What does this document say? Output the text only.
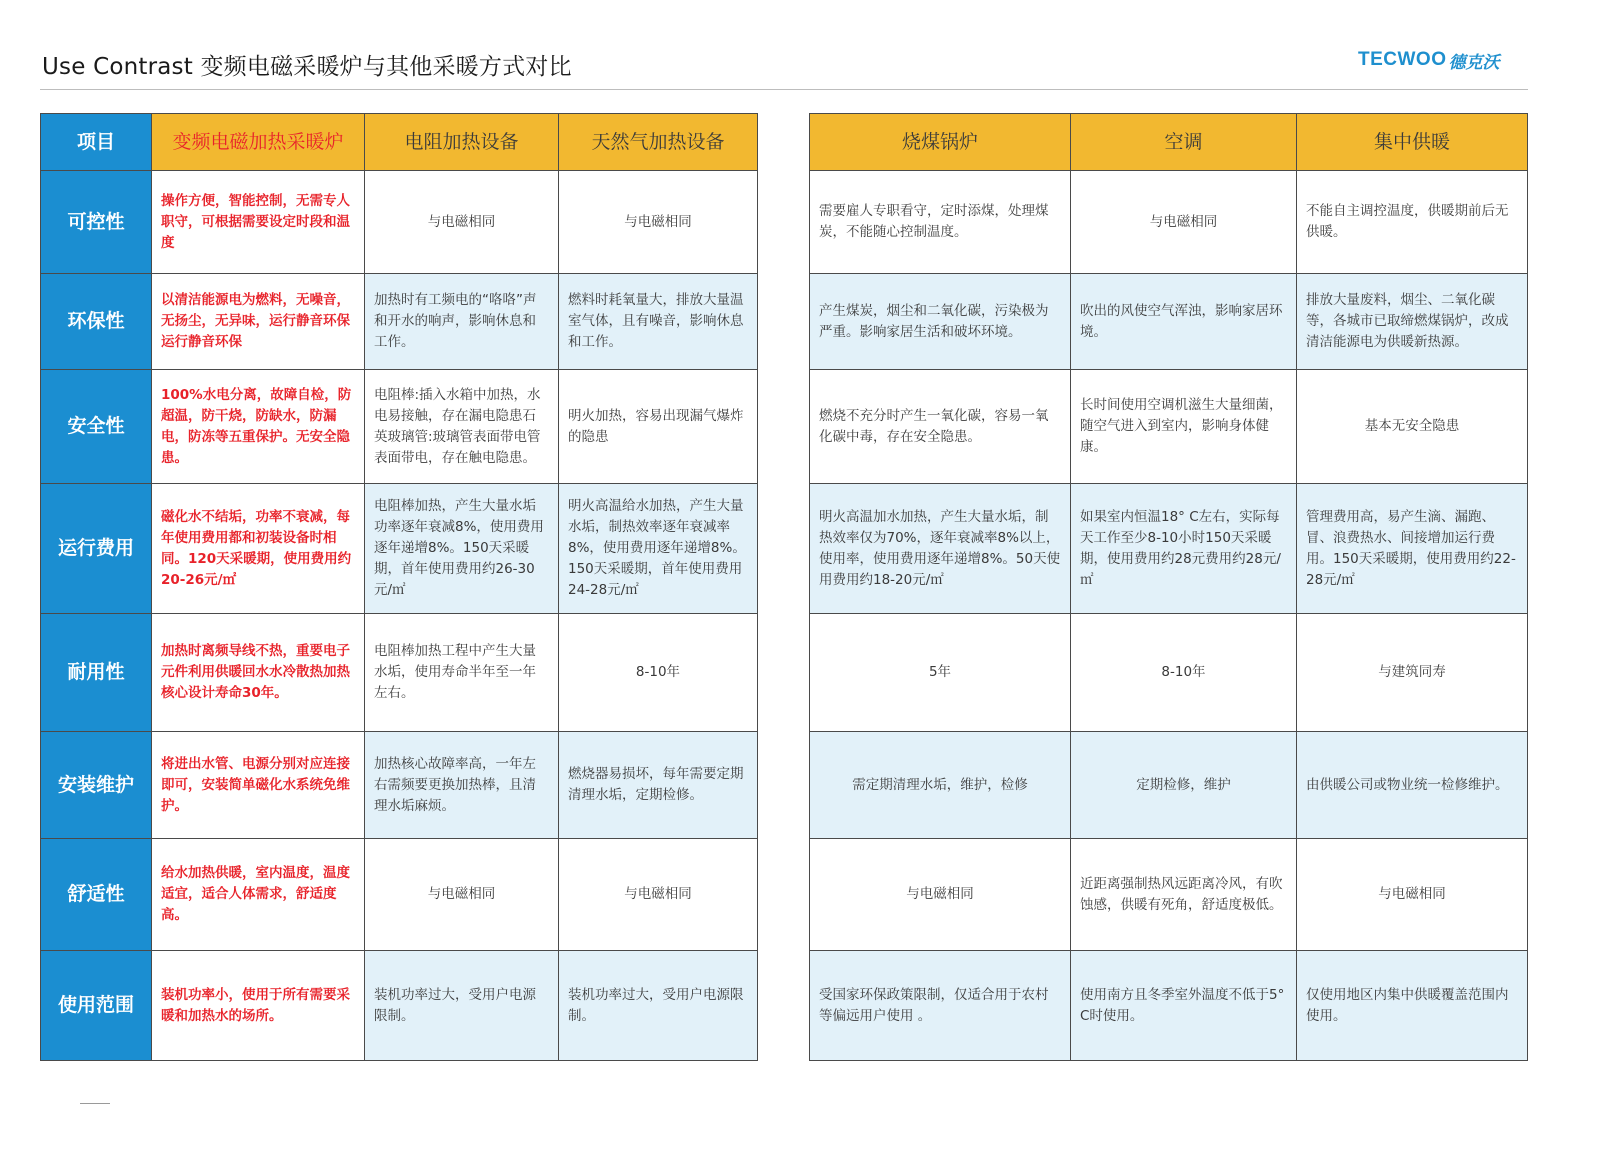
Use Contrast 变频电磁采暖炉与其他采暖方式对比	TECWOO 德克沃
项目	变频电磁加热采暖炉	电阻加热设备	天然气加热设备
可控性	操作方便，智能控制，无需专人职守，可根据需要设定时段和温度	与电磁相同	与电磁相同
环保性	以清洁能源电为燃料，无噪音，无扬尘，无异味，运行静音环保运行静音环保	加热时有工频电的“咯咯”声和开水的响声，影响休息和工作。	燃料时耗氧量大，排放大量温室气体，且有噪音，影响休息和工作。
安全性	100%水电分离，故障自检，防超温，防干烧，防缺水，防漏电，防冻等五重保护。无安全隐患。	电阻棒:插入水箱中加热，水电易接触，存在漏电隐患石英玻璃管:玻璃管表面带电管表面带电，存在触电隐患。	明火加热，容易出现漏气爆炸的隐患
运行费用	磁化水不结垢，功率不衰减，每年使用费用都和初装设备时相同。120天采暖期，使用费用约20-26元/㎡	电阻棒加热，产生大量水垢功率逐年衰减8%，使用费用逐年递增8%。150天采暖期，首年使用费用约26-30元/㎡	明火高温给水加热，产生大量水垢，制热效率逐年衰减率8%，使用费用逐年递增8%。150天采暖期，首年使用费用24-28元/㎡
耐用性	加热时离频导线不热，重要电子元件利用供暖回水水冷散热加热核心设计寿命30年。	电阻棒加热工程中产生大量水垢，使用寿命半年至一年左右。	8-10年
安装维护	将进出水管、电源分别对应连接即可，安装简单磁化水系统免维护。	加热核心故障率高，一年左右需频要更换加热棒，且清理水垢麻烦。	燃烧器易损坏，每年需要定期清理水垢，定期检修。
舒适性	给水加热供暖，室内温度，温度适宜，适合人体需求，舒适度高。	与电磁相同	与电磁相同
使用范围	装机功率小，使用于所有需要采暖和加热水的场所。	装机功率过大，受用户电源限制。	装机功率过大，受用户电源限制。
烧煤锅炉	空调	集中供暖
需要雇人专职看守，定时添煤，处理煤炭，不能随心控制温度。	与电磁相同	不能自主调控温度，供暖期前后无供暖。
产生煤炭，烟尘和二氧化碳，污染极为严重。影响家居生活和破坏环境。	吹出的风使空气浑浊，影响家居环境。	排放大量废料，烟尘、二氧化碳等，各城市已取缔燃煤锅炉，改成清洁能源电为供暖新热源。
燃烧不充分时产生一氧化碳，容易一氧化碳中毒，存在安全隐患。	长时间使用空调机滋生大量细菌，随空气进入到室内，影响身体健康。	基本无安全隐患
明火高温加水加热，产生大量水垢，制热效率仅为70%，逐年衰减率8%以上，使用率，使用费用逐年递增8%。50天使用费用约18-20元/㎡	如果室内恒温18° C左右，实际每天工作至少8-10小时150天采暖期，使用费用约28元费用约28元/㎡	管理费用高，易产生滴、漏跑、冒、浪费热水、间接增加运行费用。150天采暖期，使用费用约22-28元/㎡
5年	8-10年	与建筑同寿
需定期清理水垢，维护，检修	定期检修，维护	由供暖公司或物业统一检修维护。
与电磁相同	近距离强制热风远距离冷风，有吹蚀感，供暖有死角，舒适度极低。	与电磁相同
受国家环保政策限制，仅适合用于农村等偏远用户使用 。	使用南方且冬季室外温度不低于5° C时使用。	仅使用地区内集中供暖覆盖范围内使用。
